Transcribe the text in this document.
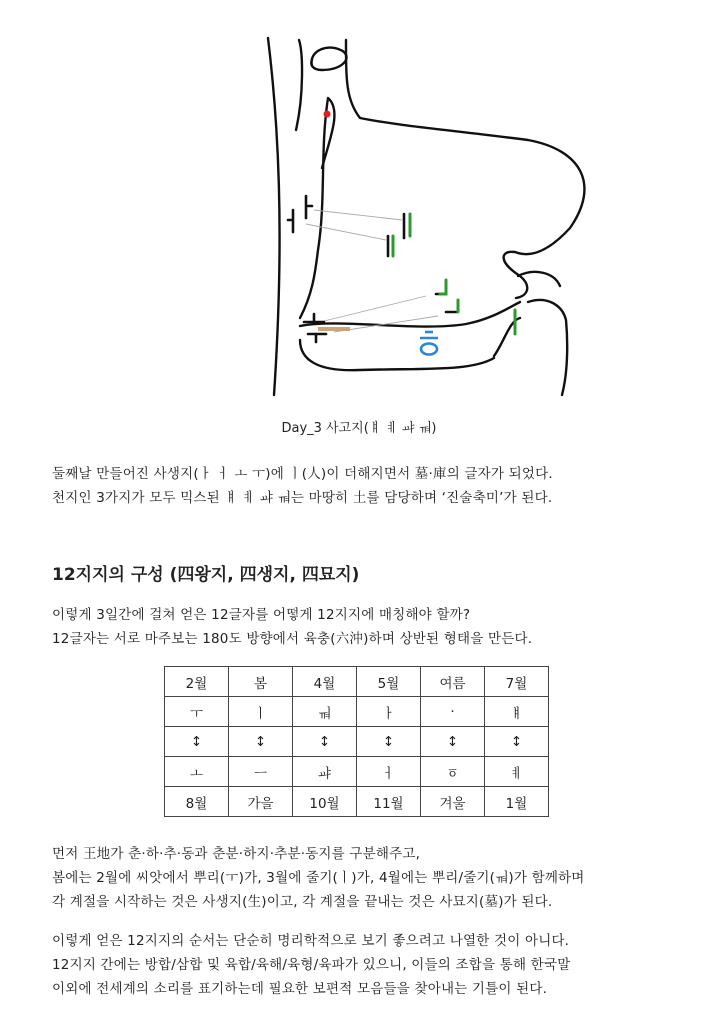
Day_3 사고지(ㅒ ㅖ ㆇ ㆊ)
둘째날 만들어진 사생지(ㅏ ㅓ ㅗ ㅜ)에 ㅣ(人)이 더해지면서 墓·庫의 글자가 되었다.
천지인 3가지가 모두 믹스된 ㅒ ㅖ ㆇ ㆊ는 마땅히 土를 담당하며 ‘진술축미’가 된다.
12지지의 구성 (四왕지, 四생지, 四묘지)
이렇게 3일간에 걸쳐 얻은 12글자를 어떻게 12지지에 매칭해야 할까?
12글자는 서로 마주보는 180도 방향에서 육충(六沖)하며 상반된 형태을 만든다.
2월	봄	4월	5월	여름	7월
ㅜ	ㅣ	ㆊ	ㅏ	·	ㅒ
↕	↕	↕	↕	↕	↕
ㅗ	ㅡ	ㆇ	ㅓ	ㆆ	ㅖ
8월	가을	10월	11월	겨울	1월
먼저 王地가 춘·하·추·동과 춘분·하지·추분·동지를 구분해주고,
봄에는 2월에 씨앗에서 뿌리(ㅜ)가, 3월에 줄기(ㅣ)가, 4월에는 뿌리/줄기(ㆊ)가 함께하며
각 계절을 시작하는 것은 사생지(生)이고, 각 계절을 끝내는 것은 사묘지(墓)가 된다.
이렇게 얻은 12지지의 순서는 단순히 명리학적으로 보기 좋으려고 나열한 것이 아니다.
12지지 간에는 방합/삼합 및 육합/육해/육형/육파가 있으니, 이들의 조합을 통해 한국말
이외에 전세계의 소리를 표기하는데 필요한 보편적 모음들을 찾아내는 기틀이 된다.
